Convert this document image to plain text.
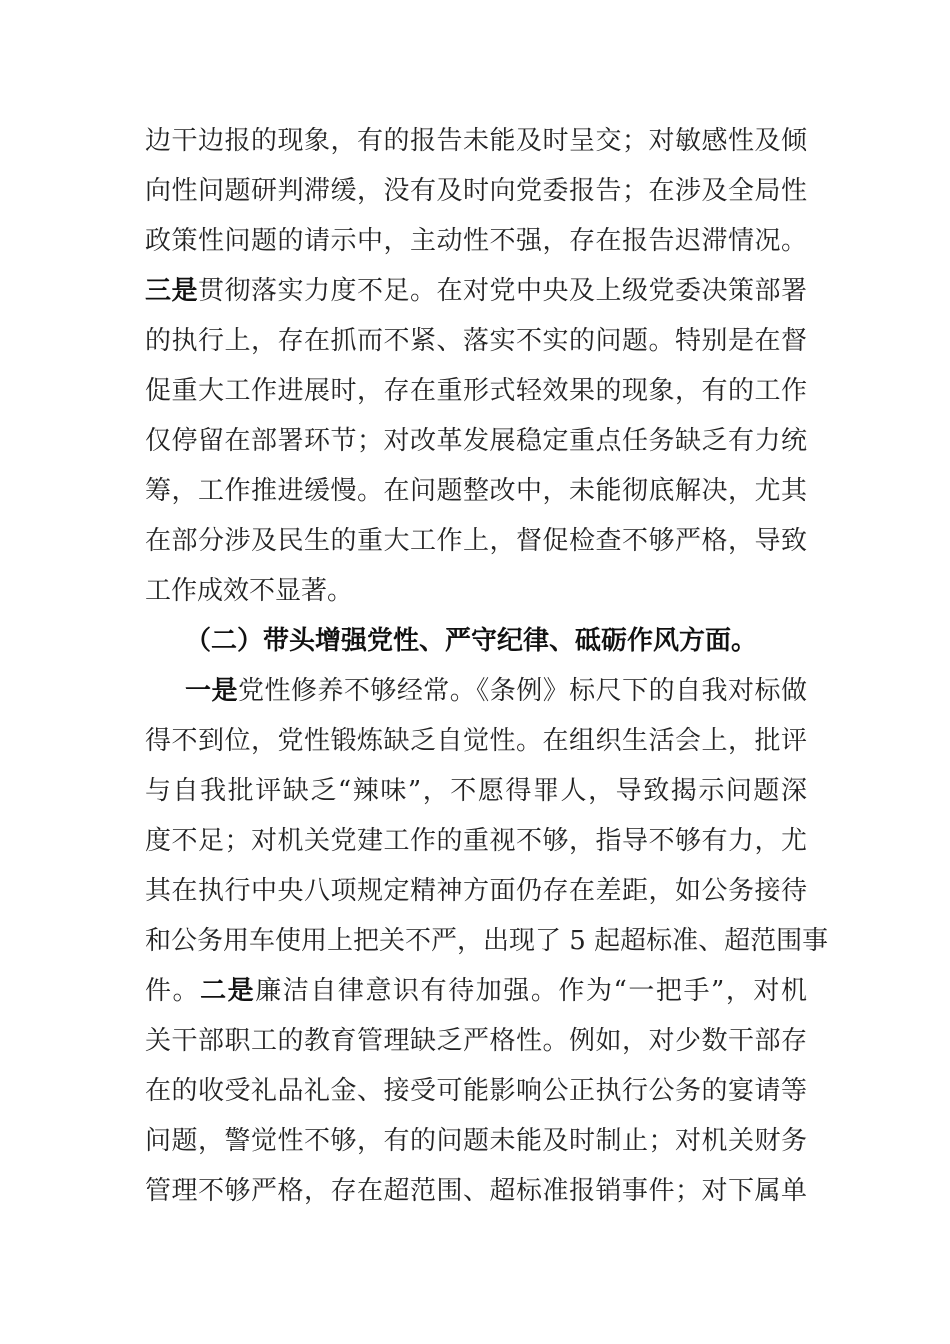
边干边报的现象，有的报告未能及时呈交；对敏感性及倾
向性问题研判滞缓，没有及时向党委报告；在涉及全局性
政策性问题的请示中，主动性不强，存在报告迟滞情况。
三是贯彻落实力度不足。在对党中央及上级党委决策部署
的执行上，存在抓而不紧、落实不实的问题。特别是在督
促重大工作进展时，存在重形式轻效果的现象，有的工作
仅停留在部署环节；对改革发展稳定重点任务缺乏有力统
筹，工作推进缓慢。在问题整改中，未能彻底解决，尤其
在部分涉及民生的重大工作上，督促检查不够严格，导致
工作成效不显著。
（二）带头增强党性、严守纪律、砥砺作风方面。
一是党性修养不够经常。《条例》标尺下的自我对标做
得不到位，党性锻炼缺乏自觉性。在组织生活会上，批评
与自我批评缺乏“辣味”，不愿得罪人，导致揭示问题深
度不足；对机关党建工作的重视不够，指导不够有力，尤
其在执行中央八项规定精神方面仍存在差距，如公务接待
和公务用车使用上把关不严，出现了 5 起超标准、超范围事
件。二是廉洁自律意识有待加强。作为“一把手”，对机
关干部职工的教育管理缺乏严格性。例如，对少数干部存
在的收受礼品礼金、接受可能影响公正执行公务的宴请等
问题，警觉性不够，有的问题未能及时制止；对机关财务
管理不够严格，存在超范围、超标准报销事件；对下属单
